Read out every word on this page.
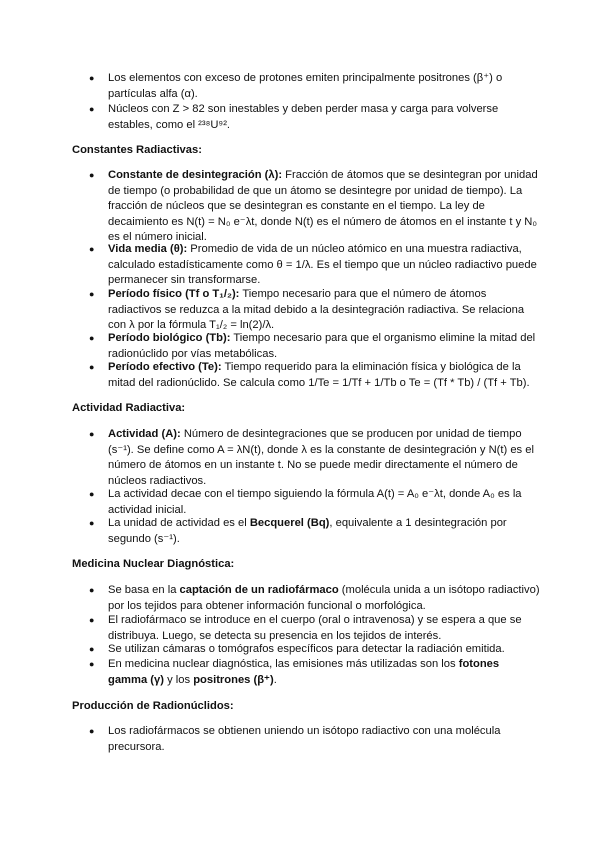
● Los elementos con exceso de protones emiten principalmente positrones (β⁺) o partículas alfa (α).
● Núcleos con Z > 82 son inestables y deben perder masa y carga para volverse estables, como el ²³⁸U⁹².
Constantes Radiactivas:
● Constante de desintegración (λ): Fracción de átomos que se desintegran por unidad de tiempo (o probabilidad de que un átomo se desintegre por unidad de tiempo). La fracción de núcleos que se desintegran es constante en el tiempo. La ley de decaimiento es N(t) = N₀ e⁻λt, donde N(t) es el número de átomos en el instante t y N₀ es el número inicial.
● Vida media (θ): Promedio de vida de un núcleo atómico en una muestra radiactiva, calculado estadísticamente como θ = 1/λ. Es el tiempo que un núcleo radiactivo puede permanecer sin transformarse.
● Período físico (Tf o T₁/₂): Tiempo necesario para que el número de átomos radiactivos se reduzca a la mitad debido a la desintegración radiactiva. Se relaciona con λ por la fórmula T₁/₂ = ln(2)/λ.
● Período biológico (Tb): Tiempo necesario para que el organismo elimine la mitad del radionúclido por vías metabólicas.
● Período efectivo (Te): Tiempo requerido para la eliminación física y biológica de la mitad del radionúclido. Se calcula como 1/Te = 1/Tf + 1/Tb o Te = (Tf * Tb) / (Tf + Tb).
Actividad Radiactiva:
● Actividad (A): Número de desintegraciones que se producen por unidad de tiempo (s⁻¹). Se define como A = λN(t), donde λ es la constante de desintegración y N(t) es el número de átomos en un instante t. No se puede medir directamente el número de núcleos radiactivos.
● La actividad decae con el tiempo siguiendo la fórmula A(t) = A₀ e⁻λt, donde A₀ es la actividad inicial.
● La unidad de actividad es el Becquerel (Bq), equivalente a 1 desintegración por segundo (s⁻¹).
Medicina Nuclear Diagnóstica:
● Se basa en la captación de un radiofármaco (molécula unida a un isótopo radiactivo) por los tejidos para obtener información funcional o morfológica.
● El radiofármaco se introduce en el cuerpo (oral o intravenosa) y se espera a que se distribuya. Luego, se detecta su presencia en los tejidos de interés.
● Se utilizan cámaras o tomógrafos específicos para detectar la radiación emitida.
● En medicina nuclear diagnóstica, las emisiones más utilizadas son los fotones gamma (γ) y los positrones (β⁺).
Producción de Radionúclidos:
● Los radiofármacos se obtienen uniendo un isótopo radiactivo con una molécula precursora.
